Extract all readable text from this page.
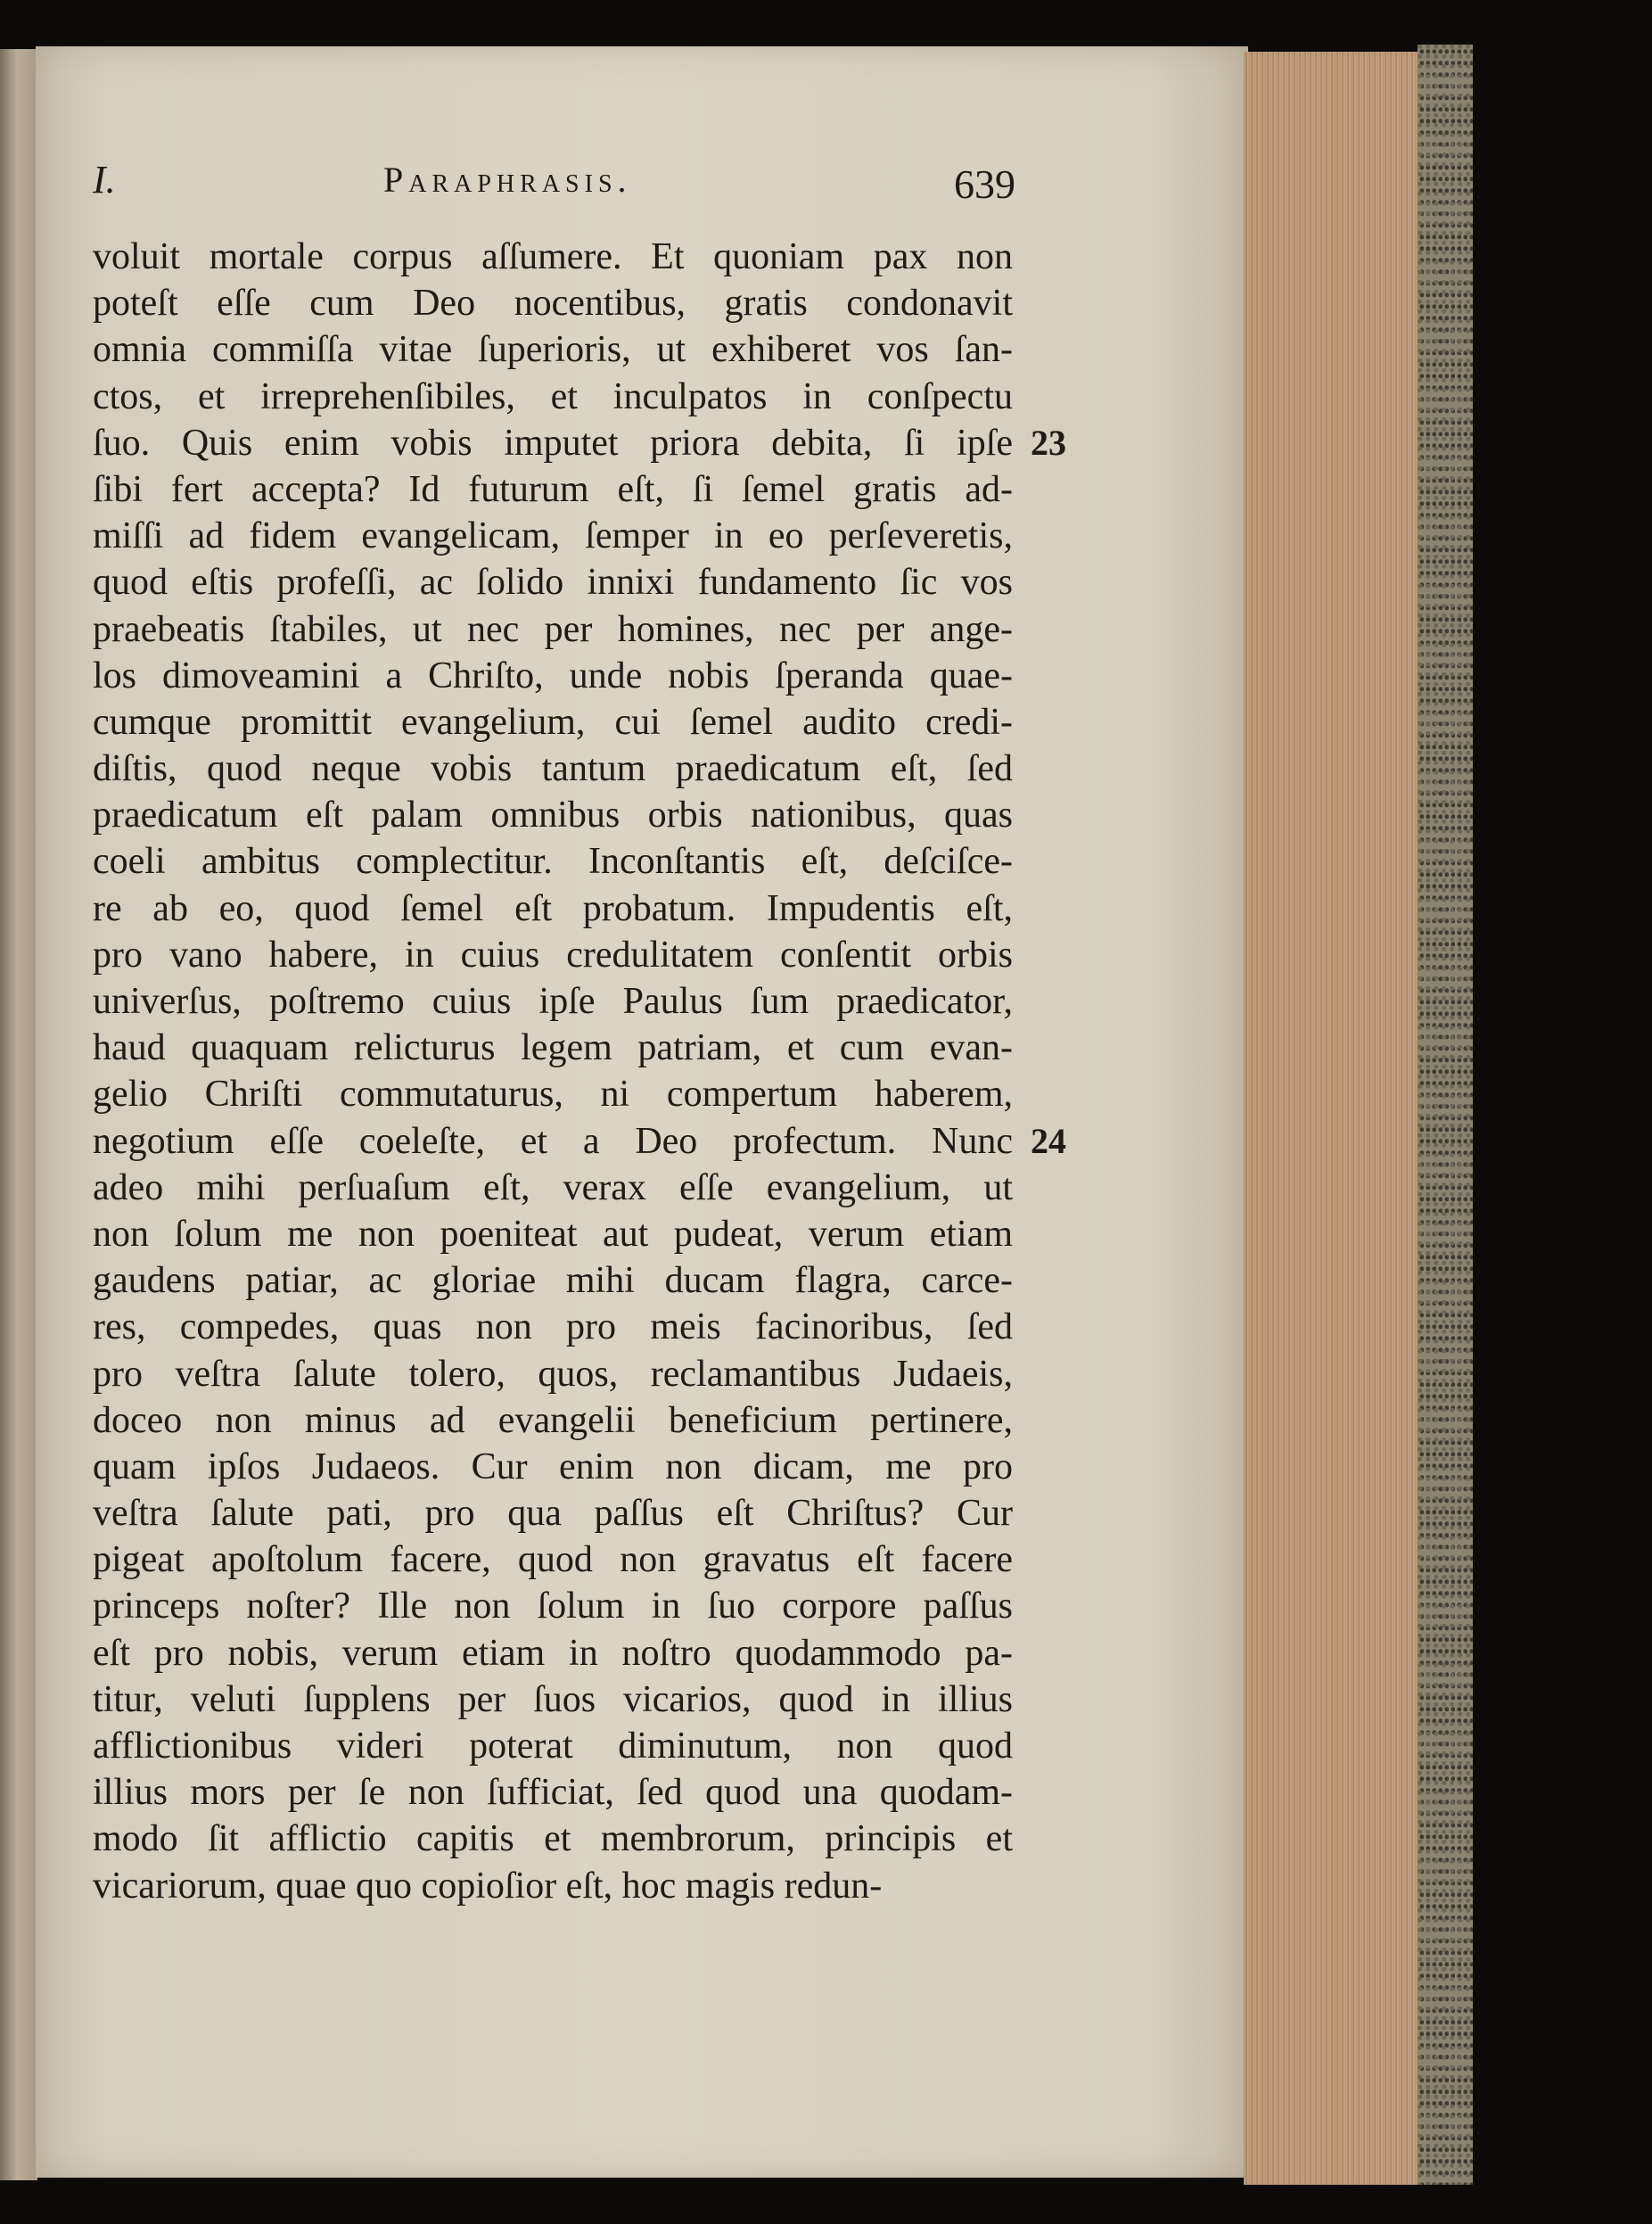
I.	Paraphrasis.	639
voluit mortale corpus aſſumere. Et quoniam pax non
poteſt eſſe cum Deo nocentibus, gratis condonavit
omnia commiſſa vitae ſuperioris, ut exhiberet vos ſan-
ctos, et irreprehenſibiles, et inculpatos in conſpectu
ſuo. Quis enim vobis imputet priora debita, ſi ipſe 23
ſibi fert accepta? Id futurum eſt, ſi ſemel gratis ad-
miſſi ad fidem evangelicam, ſemper in eo perſeveretis,
quod eſtis profeſſi, ac ſolido innixi fundamento ſic vos
praebeatis ſtabiles, ut nec per homines, nec per ange-
los dimoveamini a Chriſto, unde nobis ſperanda quae-
cumque promittit evangelium, cui ſemel audito credi-
diſtis, quod neque vobis tantum praedicatum eſt, ſed
praedicatum eſt palam omnibus orbis nationibus, quas
coeli ambitus complectitur. Inconſtantis eſt, deſciſce-
re ab eo, quod ſemel eſt probatum. Impudentis eſt,
pro vano habere, in cuius credulitatem conſentit orbis
univerſus, poſtremo cuius ipſe Paulus ſum praedicator,
haud quaquam relicturus legem patriam, et cum evan-
gelio Chriſti commutaturus, ni compertum haberem,
negotium eſſe coeleſte, et a Deo profectum. Nunc 24
adeo mihi perſuaſum eſt, verax eſſe evangelium, ut
non ſolum me non poeniteat aut pudeat, verum etiam
gaudens patiar, ac gloriae mihi ducam flagra, carce-
res, compedes, quas non pro meis facinoribus, ſed
pro veſtra ſalute tolero, quos, reclamantibus Judaeis,
doceo non minus ad evangelii beneficium pertinere,
quam ipſos Judaeos. Cur enim non dicam, me pro
veſtra ſalute pati, pro qua paſſus eſt Chriſtus? Cur
pigeat apoſtolum facere, quod non gravatus eſt facere
princeps noſter? Ille non ſolum in ſuo corpore paſſus
eſt pro nobis, verum etiam in noſtro quodammodo pa-
titur, veluti ſupplens per ſuos vicarios, quod in illius
afflictionibus videri poterat diminutum, non quod
illius mors per ſe non ſufficiat, ſed quod una quodam-
modo ſit afflictio capitis et membrorum, principis et
vicariorum, quae quo copioſior eſt, hoc magis redun-
